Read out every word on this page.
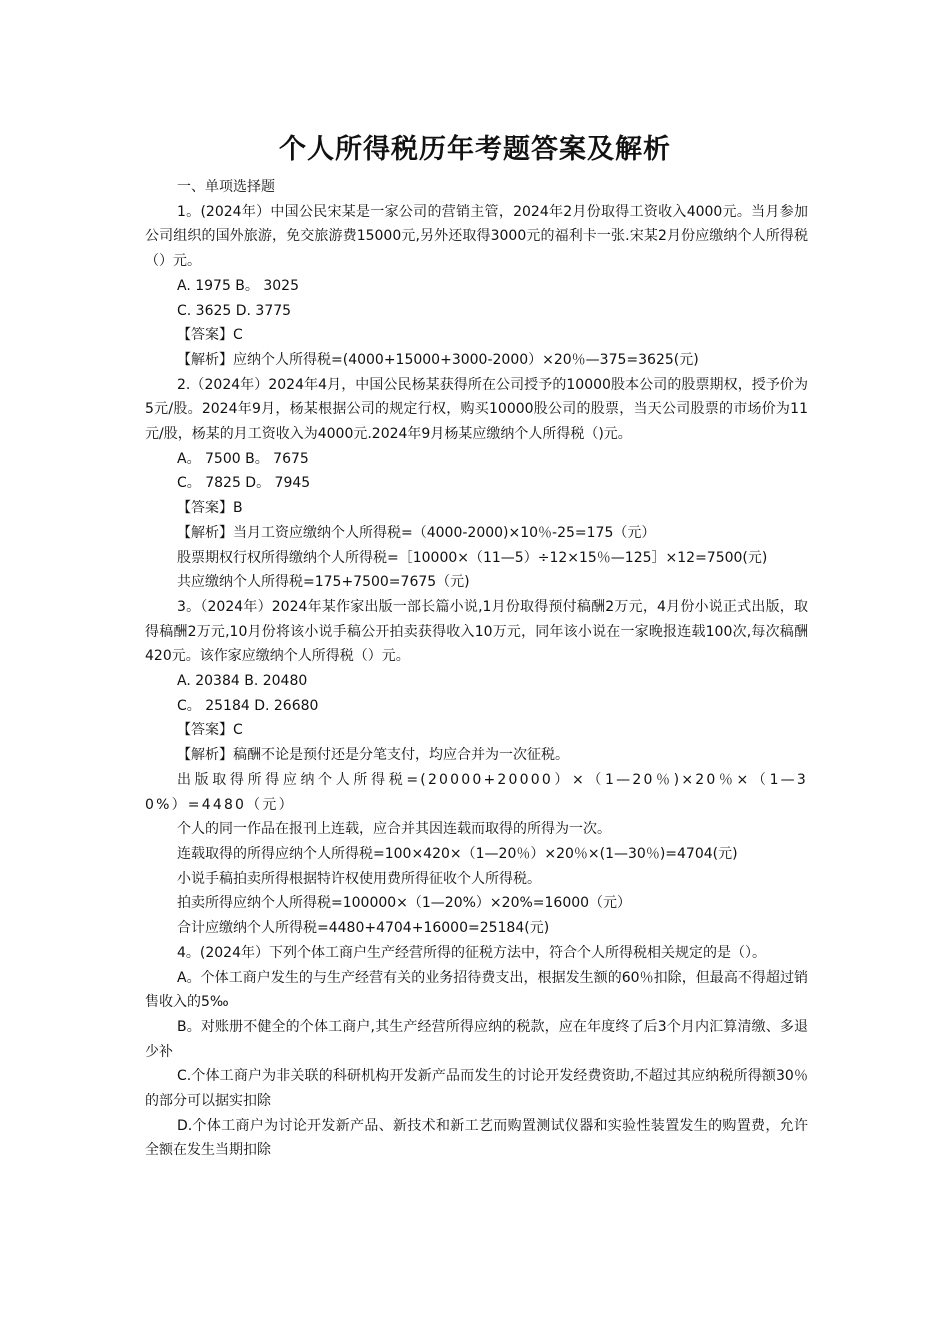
个人所得税历年考题答案及解析

一、单项选择题

1。(2024年）中国公民宋某是一家公司的营销主管，2024年2月份取得工资收入4000元。当月参加公司组织的国外旅游，免交旅游费15000元,另外还取得3000元的福利卡一张.宋某2月份应缴纳个人所得税（）元。

A. 1975 B。 3025

C. 3625 D. 3775

【答案】C

【解析】应纳个人所得税=(4000+15000+3000-2000）×20％—375=3625(元)

2.（2024年）2024年4月，中国公民杨某获得所在公司授予的10000股本公司的股票期权，授予价为5元/股。2024年9月，杨某根据公司的规定行权，购买10000股公司的股票，当天公司股票的市场价为11元/股，杨某的月工资收入为4000元.2024年9月杨某应缴纳个人所得税（)元。

A。 7500 B。 7675

C。 7825 D。 7945

【答案】B

【解析】当月工资应缴纳个人所得税=（4000-2000)×10％-25=175（元）

股票期权行权所得缴纳个人所得税=［10000×（11—5）÷12×15％—125］×12=7500(元)

共应缴纳个人所得税=175+7500=7675（元)

3。（2024年）2024年某作家出版一部长篇小说,1月份取得预付稿酬2万元，4月份小说正式出版，取得稿酬2万元,10月份将该小说手稿公开拍卖获得收入10万元，同年该小说在一家晚报连载100次,每次稿酬420元。该作家应缴纳个人所得税（）元。

A. 20384 B. 20480

C。 25184 D. 26680

【答案】C

【解析】稿酬不论是预付还是分笔支付，均应合并为一次征税。

出版取得所得应纳个人所得税=(20000+20000）×（1—20％)×20％×（1—30%）=4480（元）

个人的同一作品在报刊上连载，应合并其因连载而取得的所得为一次。

连载取得的所得应纳个人所得税=100×420×（1—20％）×20％×(1—30％)=4704(元)

小说手稿拍卖所得根据特许权使用费所得征收个人所得税。

拍卖所得应纳个人所得税=100000×（1—20%）×20%=16000（元）

合计应缴纳个人所得税=4480+4704+16000=25184(元)

4。(2024年）下列个体工商户生产经营所得的征税方法中，符合个人所得税相关规定的是（）。

A。个体工商户发生的与生产经营有关的业务招待费支出，根据发生额的60％扣除，但最高不得超过销售收入的5‰

B。对账册不健全的个体工商户,其生产经营所得应纳的税款，应在年度终了后3个月内汇算清缴、多退少补

C.个体工商户为非关联的科研机构开发新产品而发生的讨论开发经费资助,不超过其应纳税所得额30％的部分可以据实扣除

D.个体工商户为讨论开发新产品、新技术和新工艺而购置测试仪器和实验性装置发生的购置费，允许全额在发生当期扣除
